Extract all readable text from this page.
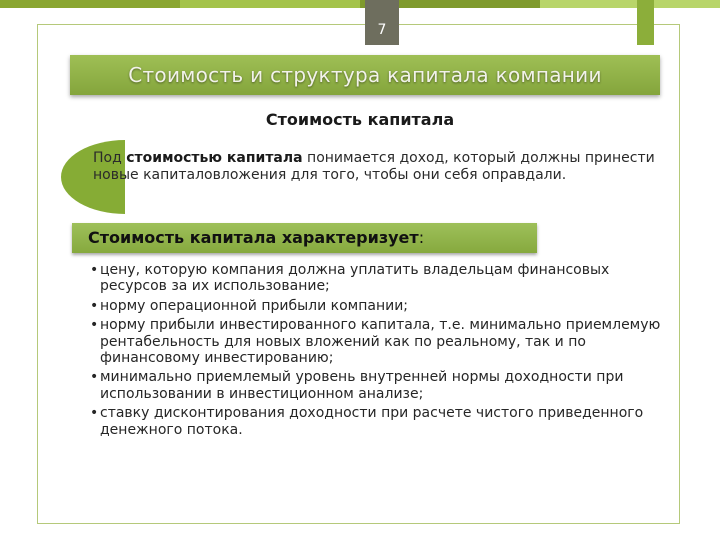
7
Стоимость и структура капитала компании
Стоимость капитала
Под стоимостью капитала понимается доход, который должны принести новые капиталовложения для того, чтобы они себя оправдали.
Стоимость капитала характеризует:
• цену, которую компания должна уплатить владельцам финансовых ресурсов за их использование;
• норму операционной прибыли компании;
• норму прибыли инвестированного капитала, т.е. минимально приемлемую рентабельность для новых вложений как по реальному, так и по финансовому инвестированию;
• минимально приемлемый уровень внутренней нормы доходности при использовании в инвестиционном анализе;
• ставку дисконтирования доходности при расчете чистого приведенного денежного потока.
